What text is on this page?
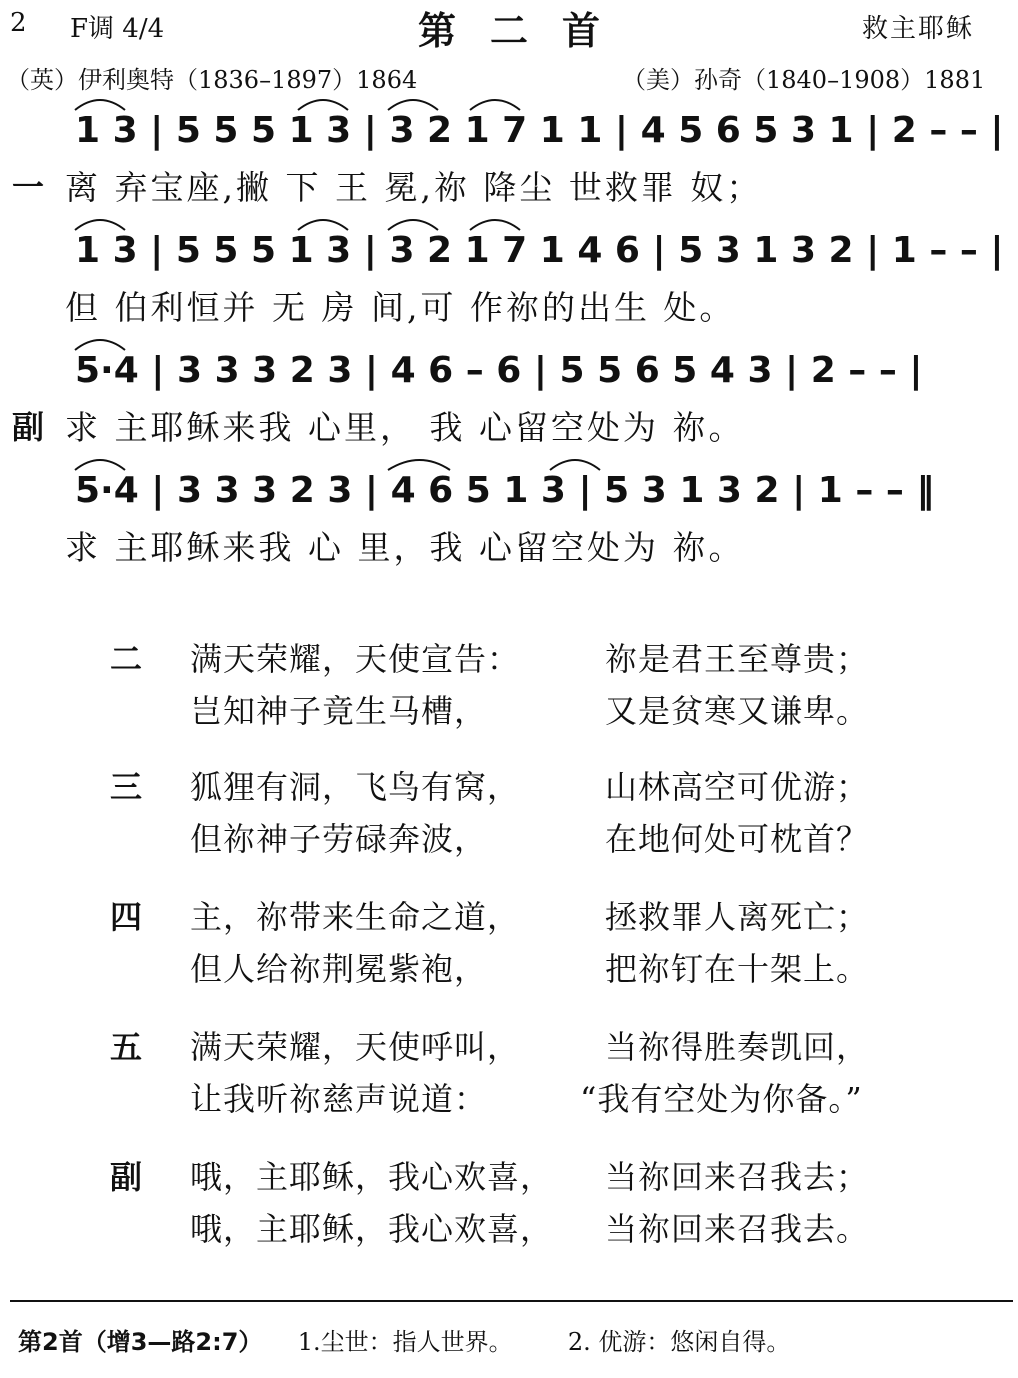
2 F调 4/4	第二首	救主耶稣
（英）伊利奥特（1836–1897）1864	（美）孙奇（1840–1908）1881
1 3 | 5 5 5 1 3 | 3 2 1 7 1 1 | 4 5 6 5 3 1 | 2 – – |
一 离 弃宝座,撇 下 王 冕,祢 降尘 世救罪 奴；
1 3 | 5 5 5 1 3 | 3 2 1 7 1 4 6 | 5 3 1 3 2 | 1 – – |
但 伯利恒并 无 房 间,可 作祢的出生 处。
5·4 | 3 3 3 2 3 | 4 6 – 6 | 5 5 6 5 4 3 | 2 – – |
副 求 主耶稣来我 心里， 我 心留空处为 祢。
5·4 | 3 3 3 2 3 | 4 6 5 1 3 | 5 3 1 3 2 | 1 – – ‖
求 主耶稣来我 心 里，我 心留空处为 祢。
二 满天荣耀，天使宣告：	祢是君王至尊贵；
岂知神子竟生马槽，	又是贫寒又谦卑。
三 狐狸有洞，飞鸟有窝，	山林高空可优游；
但祢神子劳碌奔波，	在地何处可枕首？
四 主，祢带来生命之道，	拯救罪人离死亡；
但人给祢荆冕紫袍，	把祢钉在十架上。
五 满天荣耀，天使呼叫，	当祢得胜奏凯回，
让我听祢慈声说道：	“我有空处为你备。”
副 哦，主耶稣，我心欢喜， 当祢回来召我去；
哦，主耶稣，我心欢喜， 当祢回来召我去。
第2首（增3—路2:7） 1.尘世：指人世界。 2. 优游：悠闲自得。
